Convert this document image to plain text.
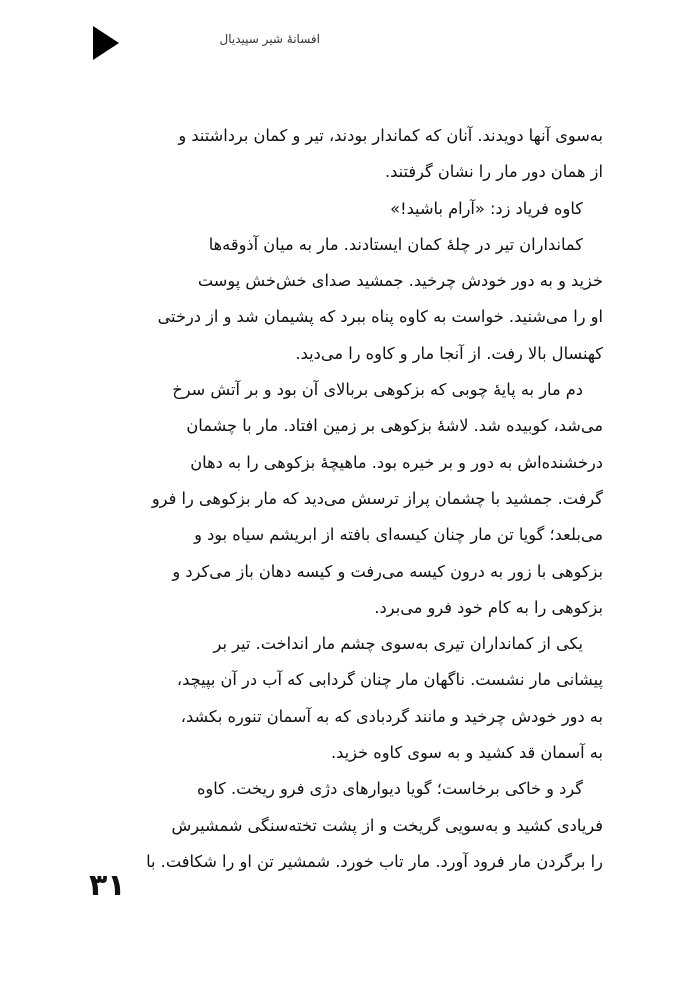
افسانهٔ شیر سپیدیال
به‌سوی آنها دویدند. آنان که کماندار بودند، تیر و کمان برداشتند و
از همان دور مار را نشان گرفتند.
کاوه فریاد زد: «آرام باشید!»
کمانداران تیر در چلهٔ کمان ایستادند. مار به میان آذوقه‌ها
خزید و به دور خودش چرخید. جمشید صدای خش‌خش پوست
او را می‌شنید. خواست به کاوه پناه ببرد که پشیمان شد و از درختی
کهنسال بالا رفت. از آنجا مار و کاوه را می‌دید.
دم مار به پایهٔ چوبی که بزکوهی بربالای آن بود و بر آتش سرخ
می‌شد، کوبیده شد. لاشهٔ بزکوهی بر زمین افتاد. مار با چشمان
درخشنده‌اش به دور و بر خیره بود. ماهیچهٔ بزکوهی را به دهان
گرفت. جمشید با چشمان پراز ترسش می‌دید که مار بزکوهی را فرو
می‌بلعد؛ گویا تن مار چنان کیسه‌ای بافته از ابریشم سیاه بود و
بزکوهی با زور به درون کیسه می‌رفت و کیسه دهان باز می‌کرد و
بزکوهی را به کام خود فرو می‌برد.
یکی از کمانداران تیری به‌سوی چشم مار انداخت. تیر بر
پیشانی مار نشست. ناگهان مار چنان گردابی که آب در آن بپیچد،
به دور خودش چرخید و مانند گردبادی که به آسمان تنوره بکشد،
به آسمان قد کشید و به سوی کاوه خزید.
گرد و خاکی برخاست؛ گویا دیوارهای دژی فرو ریخت. کاوه
فریادی کشید و به‌سویی گریخت و از پشت تخته‌سنگی شمشیرش
را برگردن مار فرود آورد. مار تاب خورد. شمشیر تن او را شکافت. با
۳۱
